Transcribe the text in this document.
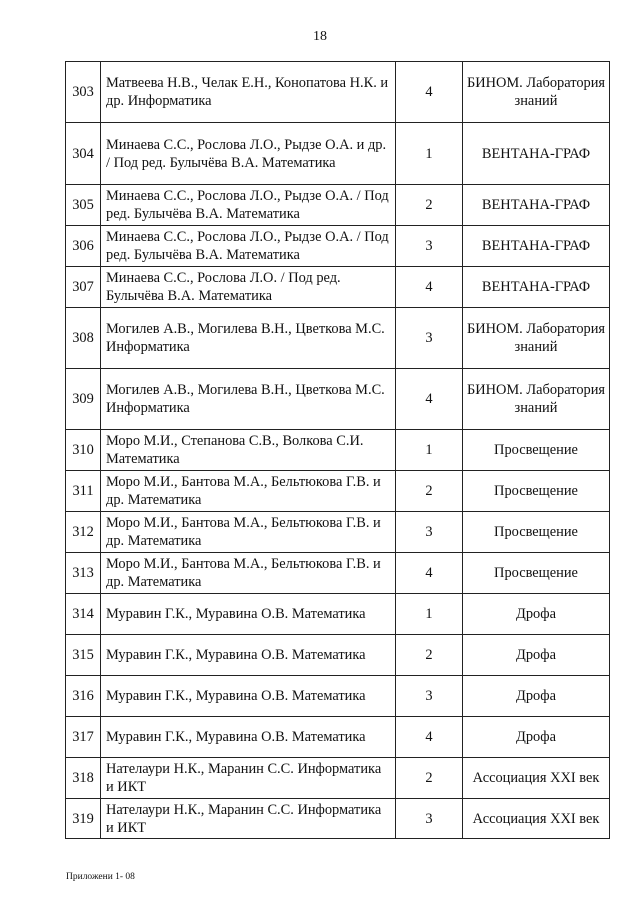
18
303	Матвеева Н.В., Челак Е.Н., Конопатова Н.К. и др. Информатика	4	БИНОМ. Лаборатория знаний
304	Минаева С.С., Рослова Л.О., Рыдзе О.А. и др. / Под ред. Булычёва В.А. Математика	1	ВЕНТАНА-ГРАФ
305	Минаева С.С., Рослова Л.О., Рыдзе О.А. / Под ред. Булычёва В.А. Математика	2	ВЕНТАНА-ГРАФ
306	Минаева С.С., Рослова Л.О., Рыдзе О.А. / Под ред. Булычёва В.А. Математика	3	ВЕНТАНА-ГРАФ
307	Минаева С.С., Рослова Л.О. / Под ред. Булычёва В.А. Математика	4	ВЕНТАНА-ГРАФ
308	Могилев А.В., Могилева В.Н., Цветкова М.С. Информатика	3	БИНОМ. Лаборатория знаний
309	Могилев А.В., Могилева В.Н., Цветкова М.С. Информатика	4	БИНОМ. Лаборатория знаний
310	Моро М.И., Степанова С.В., Волкова С.И. Математика	1	Просвещение
311	Моро М.И., Бантова М.А., Бельтюкова Г.В. и др. Математика	2	Просвещение
312	Моро М.И., Бантова М.А., Бельтюкова Г.В. и др. Математика	3	Просвещение
313	Моро М.И., Бантова М.А., Бельтюкова Г.В. и др. Математика	4	Просвещение
314	Муравин Г.К., Муравина О.В. Математика	1	Дрофа
315	Муравин Г.К., Муравина О.В. Математика	2	Дрофа
316	Муравин Г.К., Муравина О.В. Математика	3	Дрофа
317	Муравин Г.К., Муравина О.В. Математика	4	Дрофа
318	Нателаури Н.К., Маранин С.С. Информатика и ИКТ	2	Ассоциация XXI век
319	Нателаури Н.К., Маранин С.С. Информатика и ИКТ	3	Ассоциация XXI век
Приложени 1- 08
